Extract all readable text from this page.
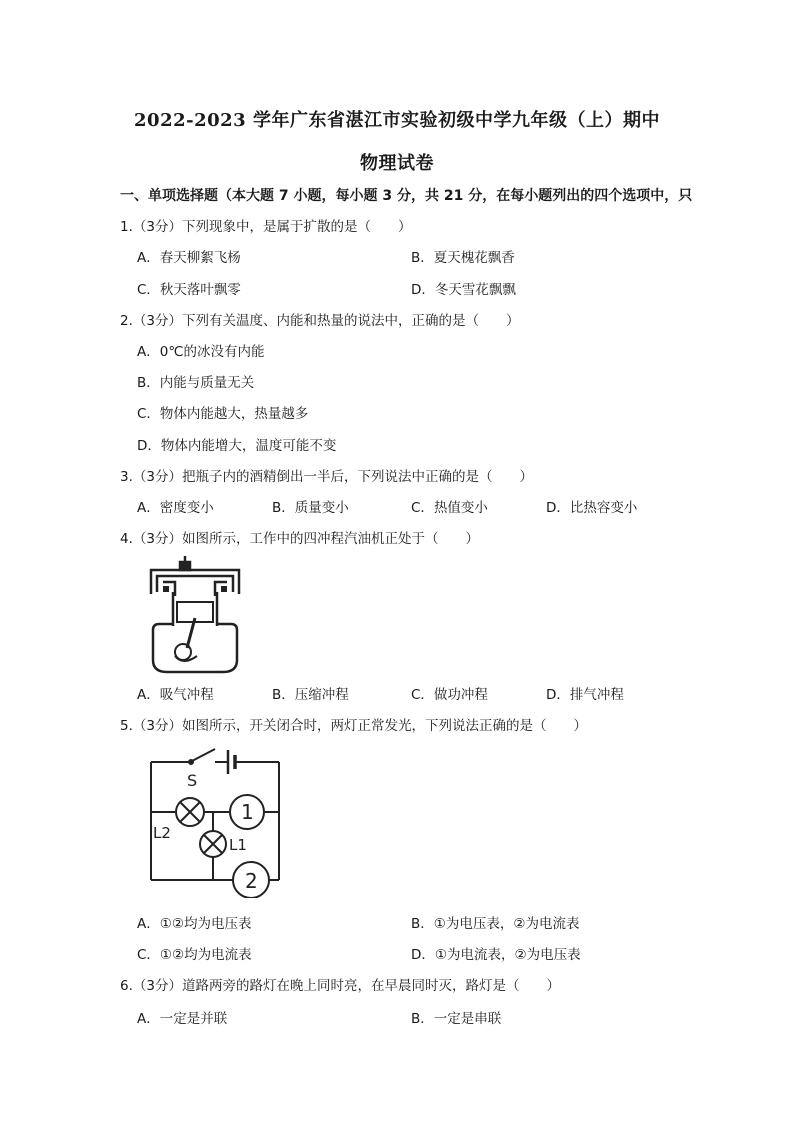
2022-2023 学年广东省湛江市实验初级中学九年级（上）期中
物理试卷
一、单项选择题（本大题 7 小题，每小题 3 分，共 21 分，在每小题列出的四个选项中，只
1.（3分）下列现象中，是属于扩散的是（　　）
A．春天柳絮飞杨	B．夏天槐花飘香
C．秋天落叶飘零	D．冬天雪花飘飘
2.（3分）下列有关温度、内能和热量的说法中，正确的是（　　）
A．0℃的冰没有内能
B．内能与质量无关
C．物体内能越大，热量越多
D．物体内能增大，温度可能不变
3.（3分）把瓶子内的酒精倒出一半后，下列说法中正确的是（　　）
A．密度变小	B．质量变小	C．热值变小	D．比热容变小
4.（3分）如图所示，工作中的四冲程汽油机正处于（　　）
A．吸气冲程	B．压缩冲程	C．做功冲程	D．排气冲程
5.（3分）如图所示，开关闭合时，两灯正常发光，下列说法正确的是（　　）
S
L2
L1
1
2
A．①②均为电压表	B．①为电压表，②为电流表
C．①②均为电流表	D．①为电流表，②为电压表
6.（3分）道路两旁的路灯在晚上同时亮，在早晨同时灭，路灯是（　　）
A．一定是并联	B．一定是串联
